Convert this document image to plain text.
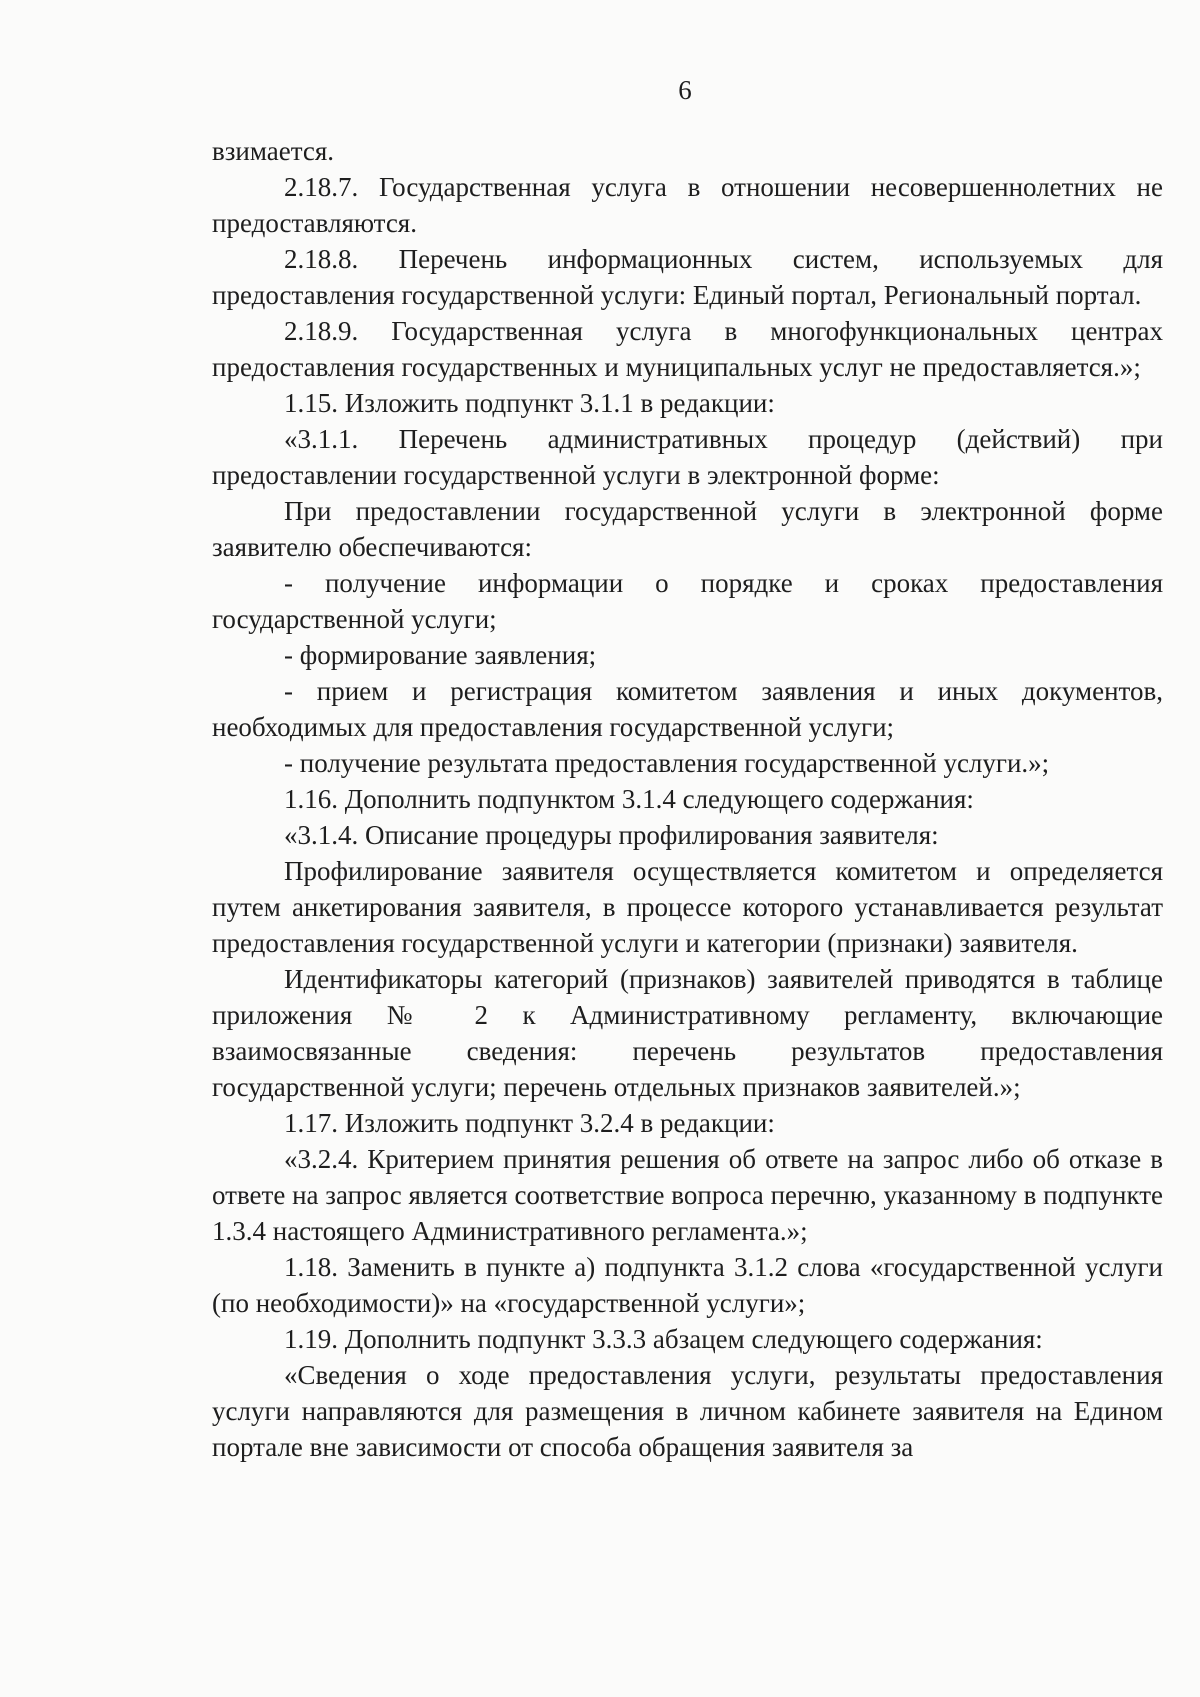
6

взимается.

2.18.7. Государственная услуга в отношении несовершеннолетних не предоставляются.

2.18.8. Перечень информационных систем, используемых для предоставления государственной услуги: Единый портал, Региональный портал.

2.18.9. Государственная услуга в многофункциональных центрах предоставления государственных и муниципальных услуг не предоставляется.»;

1.15. Изложить подпункт 3.1.1 в редакции:

«3.1.1. Перечень административных процедур (действий) при предоставлении государственной услуги в электронной форме:

При предоставлении государственной услуги в электронной форме заявителю обеспечиваются:

- получение информации о порядке и сроках предоставления государственной услуги;

- формирование заявления;

- прием и регистрация комитетом заявления и иных документов, необходимых для предоставления государственной услуги;

- получение результата предоставления государственной услуги.»;

1.16. Дополнить подпунктом 3.1.4 следующего содержания:

«3.1.4. Описание процедуры профилирования заявителя:

Профилирование заявителя осуществляется комитетом и определяется путем анкетирования заявителя, в процессе которого устанавливается результат предоставления государственной услуги и категории (признаки) заявителя.

Идентификаторы категорий (признаков) заявителей приводятся в таблице приложения № 2 к Административному регламенту, включающие взаимосвязанные сведения: перечень результатов предоставления государственной услуги; перечень отдельных признаков заявителей.»;

1.17. Изложить подпункт 3.2.4 в редакции:

«3.2.4. Критерием принятия решения об ответе на запрос либо об отказе в ответе на запрос является соответствие вопроса перечню, указанному в подпункте 1.3.4 настоящего Административного регламента.»;

1.18. Заменить в пункте а) подпункта 3.1.2 слова «государственной услуги (по необходимости)» на «государственной услуги»;

1.19. Дополнить подпункт 3.3.3 абзацем следующего содержания:

«Сведения о ходе предоставления услуги, результаты предоставления услуги направляются для размещения в личном кабинете заявителя на Едином портале вне зависимости от способа обращения заявителя за
